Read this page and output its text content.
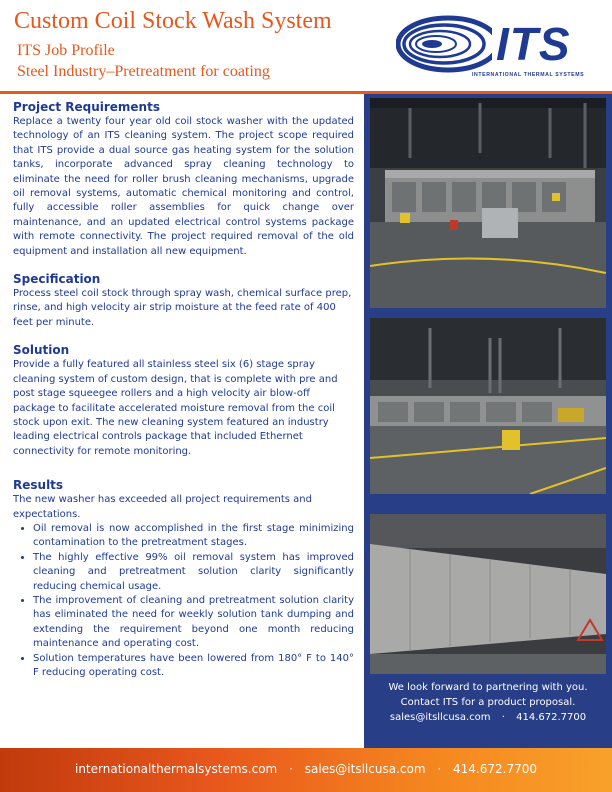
Custom Coil Stock Wash System
ITS Job Profile
Steel Industry–Pretreatment for coating
ITS
INTERNATIONAL THERMAL SYSTEMS
Project Requirements
Replace a twenty four year old coil stock washer with the updated technology of an ITS cleaning system. The project scope required that ITS provide a dual source gas heating system for the solution tanks, incorporate advanced spray cleaning technology to eliminate the need for roller brush cleaning mechanisms, upgrade oil removal systems, automatic chemical monitoring and control, fully accessible roller assemblies for quick change over maintenance, and an updated electrical control systems package with remote connectivity. The project required removal of the old equipment and installation all new equipment.
Specification
Process steel coil stock through spray wash, chemical surface prep, rinse, and high velocity air strip moisture at the feed rate of 400 feet per minute.
Solution
Provide a fully featured all stainless steel six (6) stage spray cleaning system of custom design, that is complete with pre and post stage squeegee rollers and a high velocity air blow-off package to facilitate accelerated moisture removal from the coil stock upon exit. The new cleaning system featured an industry leading electrical controls package that included Ethernet connectivity for remote monitoring.
Results
The new washer has exceeded all project requirements and expectations.
• Oil removal is now accomplished in the first stage minimizing contamination to the pretreatment stages.
• The highly effective 99% oil removal system has improved cleaning and pretreatment solution clarity significantly reducing chemical usage.
• The improvement of cleaning and pretreatment solution clarity has eliminated the need for weekly solution tank dumping and extending the requirement beyond one month reducing maintenance and operating cost.
• Solution temperatures have been lowered from 180° F to 140° F reducing operating cost.
We look forward to partnering with you.
Contact ITS for a product proposal.
sales@itsllcusa.com · 414.672.7700
internationalthermalsystems.com · sales@itsllcusa.com · 414.672.7700
